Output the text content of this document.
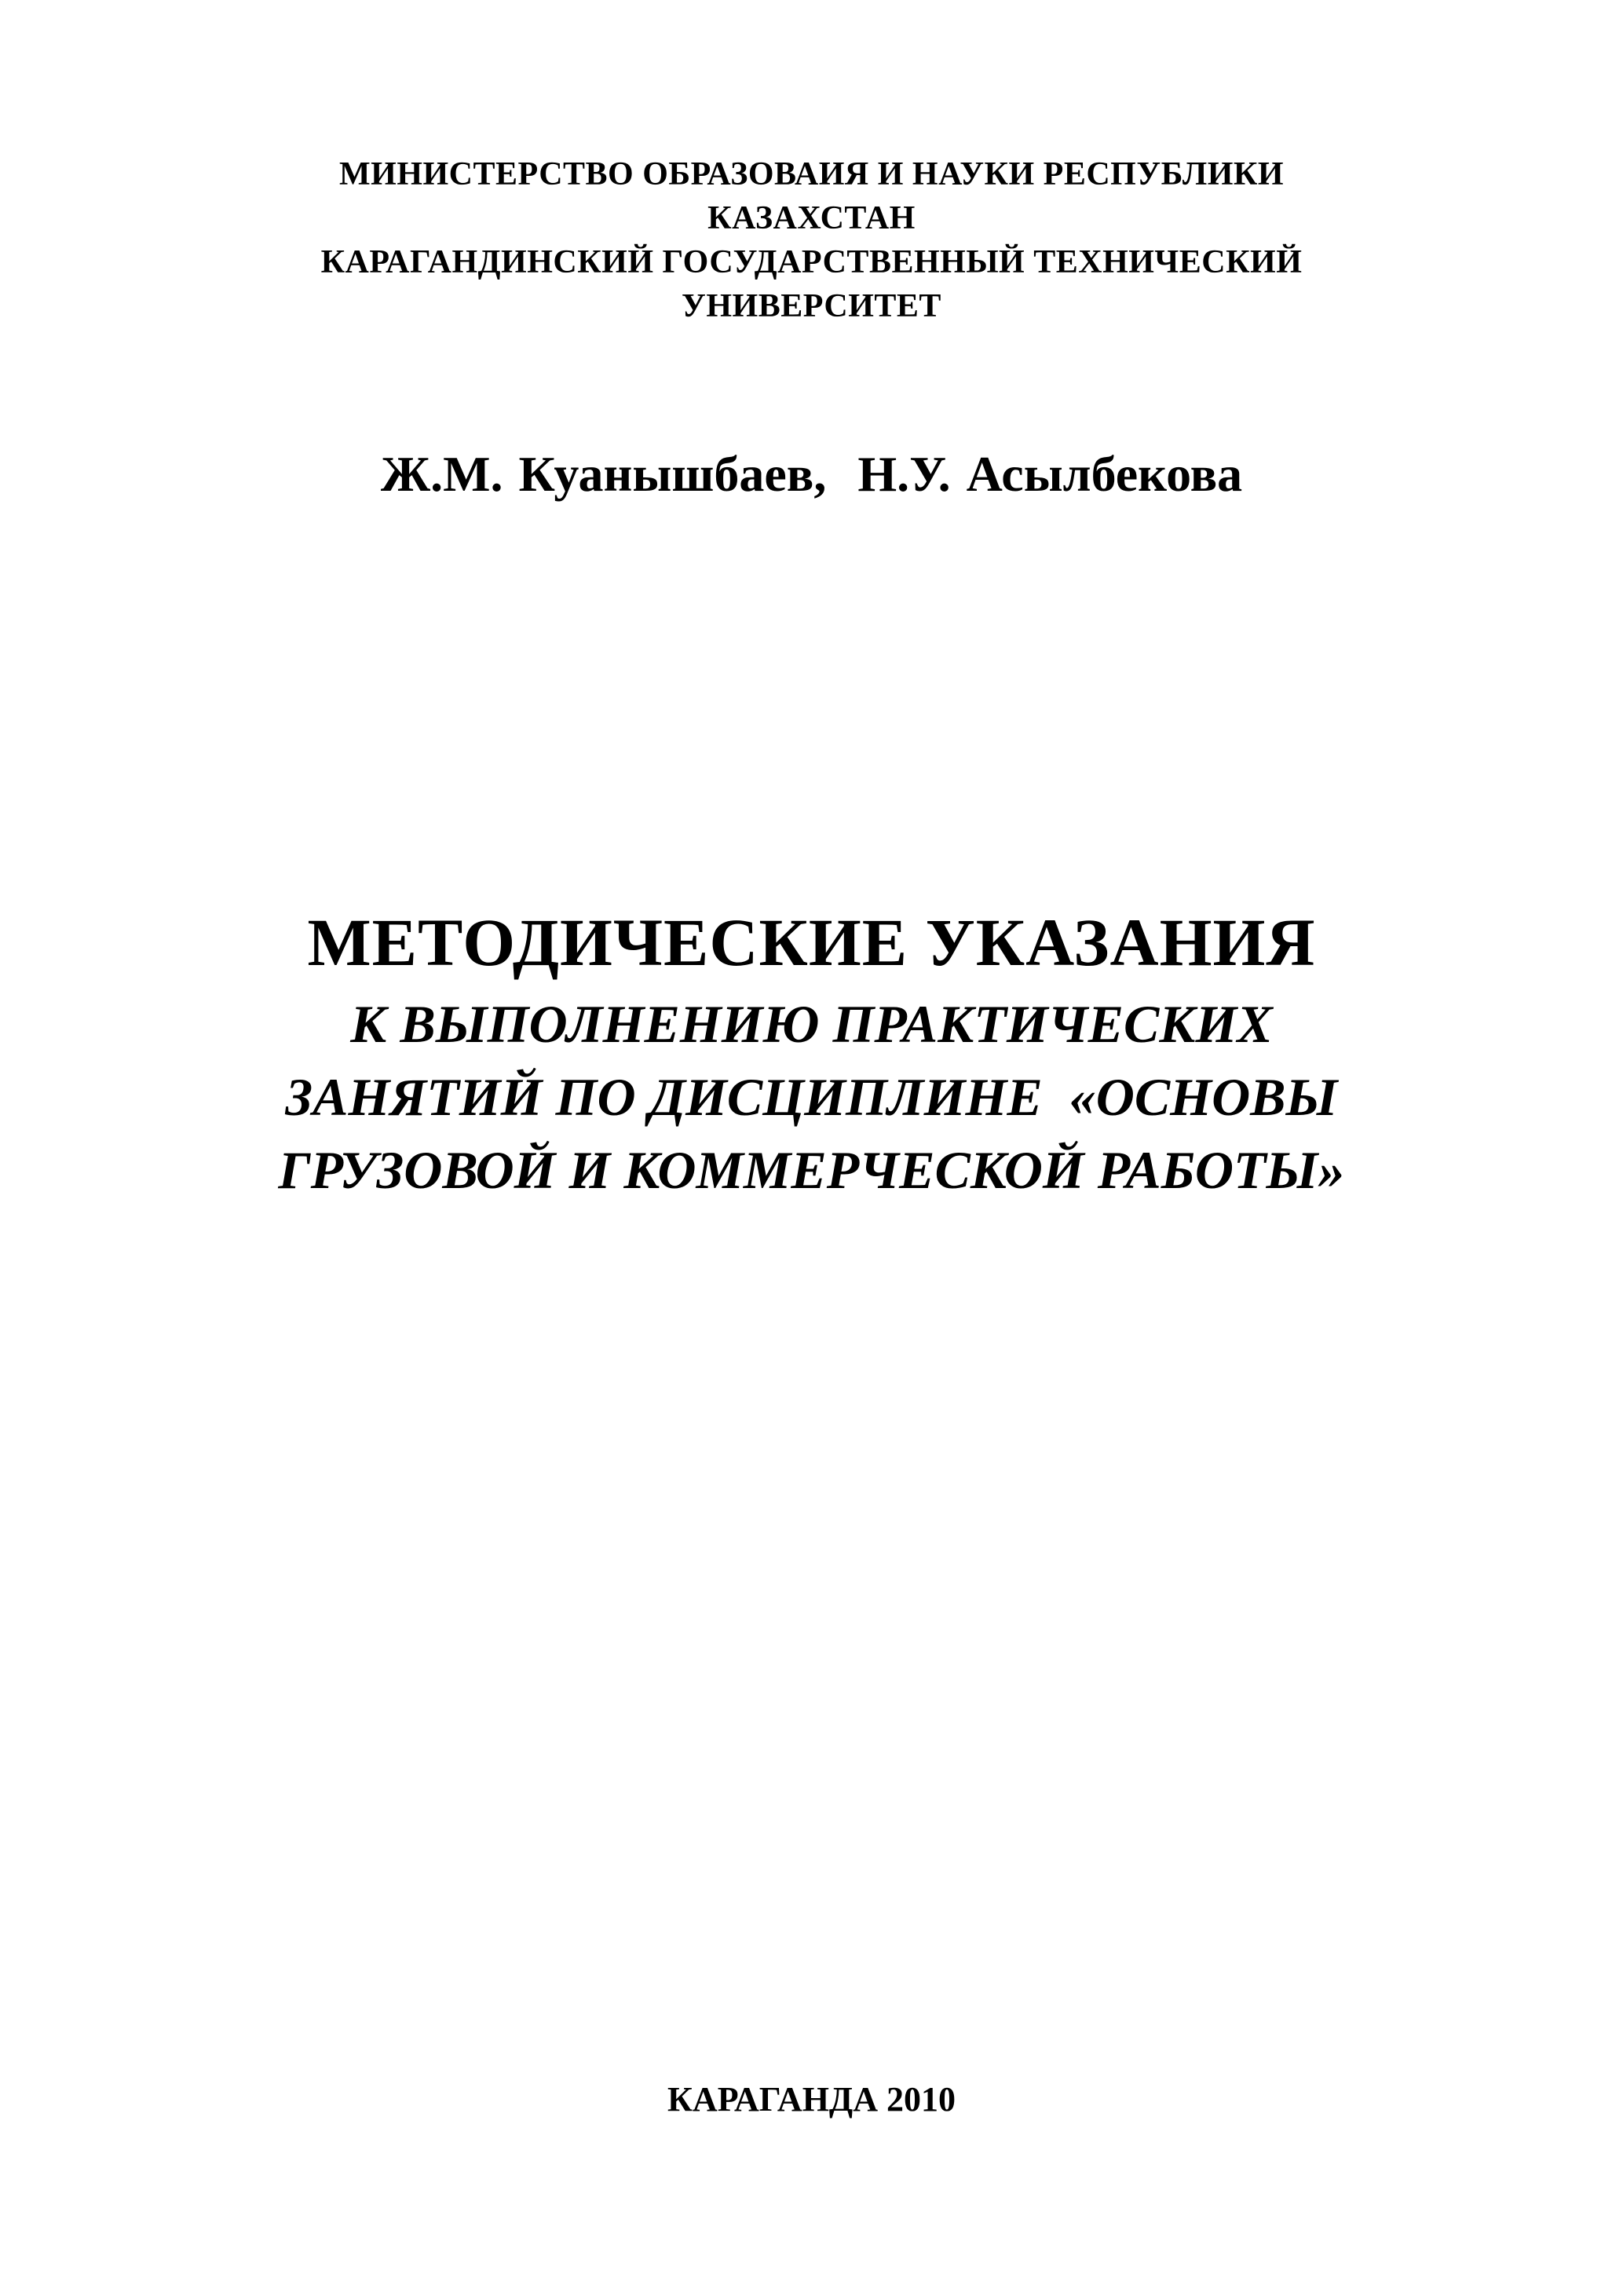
МИНИСТЕРСТВО ОБРАЗОВАИЯ И НАУКИ РЕСПУБЛИКИ
КАЗАХСТАН
КАРАГАНДИНСКИЙ ГОСУДАРСТВЕННЫЙ ТЕХНИЧЕСКИЙ
УНИВЕРСИТЕТ
Ж.М. Куанышбаев,  Н.У. Асылбекова
МЕТОДИЧЕСКИЕ УКАЗАНИЯ
К ВЫПОЛНЕНИЮ ПРАКТИЧЕСКИХ
ЗАНЯТИЙ ПО ДИСЦИПЛИНЕ  «ОСНОВЫ
ГРУЗОВОЙ И КОММЕРЧЕСКОЙ РАБОТЫ»
КАРАГАНДА 2010
